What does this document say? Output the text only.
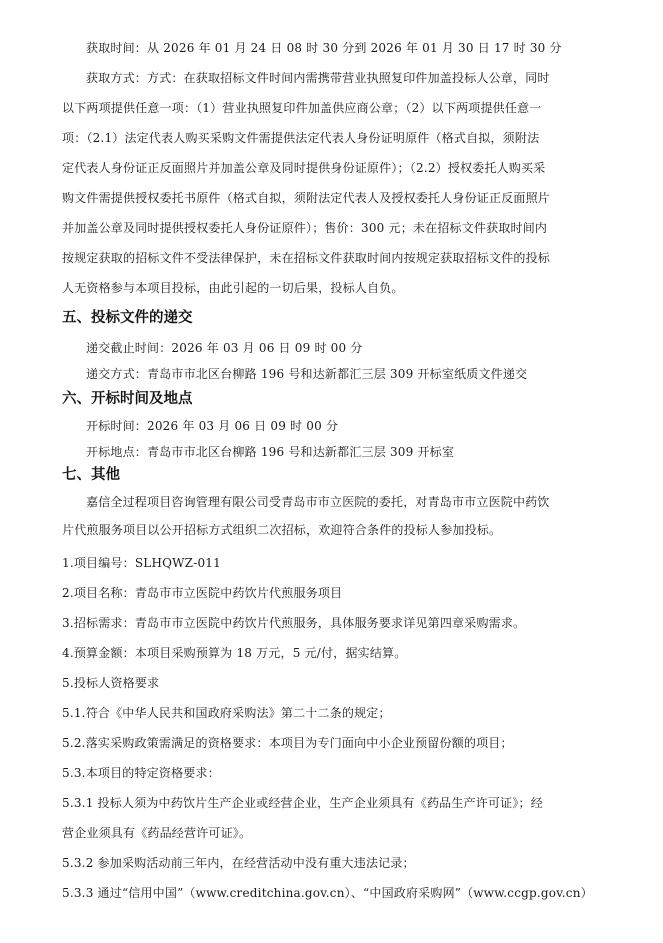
获取时间：从 2026 年 01 月 24 日 08 时 30 分到 2026 年 01 月 30 日 17 时 30 分
获取方式：方式：在获取招标文件时间内需携带营业执照复印件加盖投标人公章，同时
以下两项提供任意一项：（1）营业执照复印件加盖供应商公章；（2）以下两项提供任意一
项：（2.1）法定代表人购买采购文件需提供法定代表人身份证明原件（格式自拟，须附法
定代表人身份证正反面照片并加盖公章及同时提供身份证原件）；（2.2）授权委托人购买采
购文件需提供授权委托书原件（格式自拟，须附法定代表人及授权委托人身份证正反面照片
并加盖公章及同时提供授权委托人身份证原件）；售价：300 元；未在招标文件获取时间内
按规定获取的招标文件不受法律保护，未在招标文件获取时间内按规定获取招标文件的投标
人无资格参与本项目投标，由此引起的一切后果，投标人自负。
五、投标文件的递交
递交截止时间：2026 年 03 月 06 日 09 时 00 分
递交方式：青岛市市北区台柳路 196 号和达新都汇三层 309 开标室纸质文件递交
六、开标时间及地点
开标时间：2026 年 03 月 06 日 09 时 00 分
开标地点：青岛市市北区台柳路 196 号和达新都汇三层 309 开标室
七、其他
嘉信全过程项目咨询管理有限公司受青岛市市立医院的委托，对青岛市市立医院中药饮
片代煎服务项目以公开招标方式组织二次招标，欢迎符合条件的投标人参加投标。
1.项目编号：SLHQWZ-011
2.项目名称：青岛市市立医院中药饮片代煎服务项目
3.招标需求：青岛市市立医院中药饮片代煎服务，具体服务要求详见第四章采购需求。
4.预算金额：本项目采购预算为 18 万元，5 元/付，据实结算。
5.投标人资格要求
5.1.符合《中华人民共和国政府采购法》第二十二条的规定；
5.2.落实采购政策需满足的资格要求：本项目为专门面向中小企业预留份额的项目；
5.3.本项目的特定资格要求：
5.3.1 投标人须为中药饮片生产企业或经营企业，生产企业须具有《药品生产许可证》；经
营企业须具有《药品经营许可证》。
5.3.2 参加采购活动前三年内，在经营活动中没有重大违法记录；
5.3.3 通过“信用中国”（www.creditchina.gov.cn）、“中国政府采购网”（www.ccgp.gov.cn）
